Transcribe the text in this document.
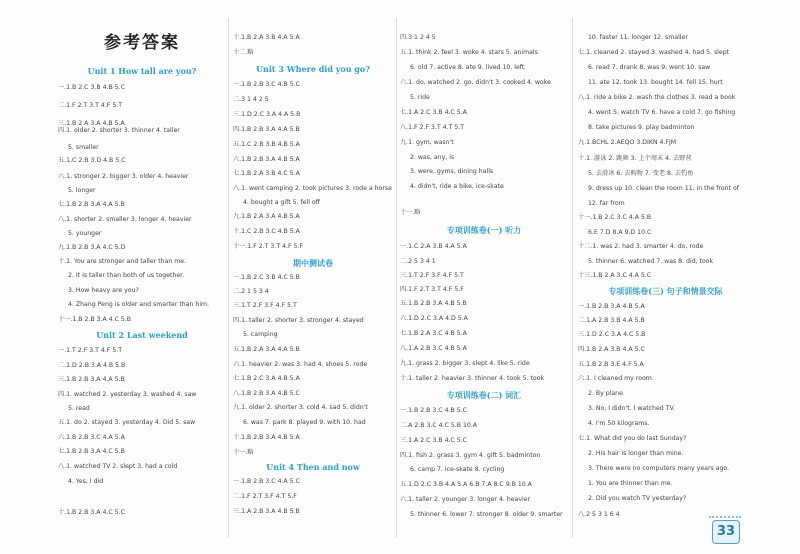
参考答案
Unit 1 How tall are you?
一.1.B 2.C 3.B 4.B 5.C
二.1.F 2.T 3.T 4.F 5.T
三.1.B 2.A 3.A 4.B 5.A
四.1. older 2. shorter 3. thinner 4. taller
5. smaller
五.1.C 2.B 3.D 4.B 5.C
六.1. stronger 2. bigger 3. older 4. heavier
5. longer
七.1.B 2.B 3.A 4.A 5.B
八.1. shorter 2. smaller 3. longer 4. heavier
5. younger
九.1.B 2.B 3.A 4.C 5.D
十.1. You are stronger and taller than me.
2. It is taller than both of us together.
3. How heavy are you?
4. Zhang Peng is older and smarter than him.
十一.1.B 2.B 3.A 4.C 5.B
Unit 2 Last weekend
一.1.T 2.F 3.T 4.F 5.T
二.1.D 2.B 3.A 4.B 5.B
三.1.B 2.B 3.A 4.A 5.B
四.1. watched 2. yesterday 3. washed 4. saw
5. read
五.1. do 2. stayed 3. yesterday 4. Did 5. saw
六.1.B 2.B 3.C 4.A 5.A
七.1.B 2.B 3.A 4.C 5.B
八.1. watched TV 2. slept 3. had a cold
4. Yes, I did
十.1.B 2.B 3.A 4.C 5.C
十.1.B 2.A 3.B 4.A 5.A
十二.略
Unit 3 Where did you go?
一.1.B 2.B 3.C 4.B 5.C
二.3 1 4 2 5
三.1.D 2.C 3.A 4.A 5.B
四.1.B 2.B 3.A 4.A 5.B
五.1.C 2.B 3.B 4.B 5.A
六.1.B 2.B 3.A 4.B 5.A
七.1.B 2.A 3.B 4.C 5.A
八.1. went camping 2. took pictures 3. rode a horse
4. bought a gift 5. fell off
九.1.B 2.A 3.A 4.B 5.A
十.1.C 2.B 3.C 4.B 5.A
十一.1.F 2.T 3.T 4.F 5.F
期中测试卷
一.1.B 2.C 3.B 4.C 5.B
二.2 1 5 3 4
三.1.T 2.F 3.F 4.F 5.T
四.1. taller 2. shorter 3. stronger 4. stayed
5. camping
五.1.B 2.A 3.A 4.A 5.B
六.1. heavier 2. was 3. had 4. shoes 5. rode
七.1.B 2.C 3.A 4.B 5.A
八.1.B 2.B 3.A 4.B 5.C
九.1. older 2. shorter 3. cold 4. sad 5. didn't
6. was 7. park 8. played 9. with 10. had
十.1.B 2.B 3.A 4.B 5.A
十一.略
Unit 4 Then and now
一.1.B 2.B 3.C 4.A 5.C
二.1.F 2.T 3.F 4.T 5.F
三.1.A 2.B 3.A 4.B 5.B
四.3 1 2 4 5
五.1. think 2. feel 3. woke 4. stars 5. animals
6. old 7. active 8. ate 9. lived 10. left
六.1. do, watched 2. go, didn't 3. cooked 4. woke
5. ride
七.1.A 2.C 3.B 4.C 5.A
八.1.F 2.F 3.T 4.T 5.T
九.1. gym, wasn't
2. was, any, is
3. were, gyms, dining halls
4. didn't, ride a bike, ice-skate
十一.略
专项训练卷(一) 听力
一.1.C 2.A 3.B 4.A 5.A
二.2 5 3 4 1
三.1.T 2.F 3.F 4.F 5.T
四.1.F 2.T 3.T 4.F 5.F
五.1.B 2.B 3.A 4.B 5.B
六.1.D 2.C 3.A 4.D 5.A
七.1.B 2.A 3.C 4.B 5.A
八.1.A 2.B 3.C 4.B 5.A
九.1. grass 2. bigger 3. slept 4. like 5. ride
十.1. taller 2. heavier 3. thinner 4. took 5. took
专项训练卷(二) 词汇
一.1.B 2.B 3.C 4.B 5.C
二.A 2.B 3.C 4.C 5.B 10.A
三.1.A 2.C 3.B 4.C 5.C
四.1. fish 2. grass 3. gym 4. gift 5. badminton
6. camp 7. ice-skate 8. cycling
五.1.D 2.C 3.B 4.A 5.A 6.B 7.A 8.C 9.B 10.A
六.1. taller 2. younger 3. longer 4. heavier
5. thinner 6. lower 7. stronger 8. older 9. smarter
10. faster 11. longer 12. smaller
七.1. cleaned 2. stayed 3. washed 4. had 5. slept
6. read 7. drank 8. was 9. went 10. saw
11. ate 12. took 13. bought 14. fell 15. hurt
八.1. ride a bike 2. wash the clothes 3. read a book
4. went 5. watch TV 6. have a cold 7. go fishing
8. take pictures 9. play badminton
九.1.BCHL 2.AEQO 3.DIKN 4.FJM
十.1. 游泳 2. 跳舞 3. 上个周末 4. 去野营
5. 去滑冰 6. 去购物 7. 变老 8. 去钓鱼
9. dress up 10. clean the room 11. in the front of
12. far from
十一.1.B 2.C 3.C 4.A 5.B
6.E 7.D 8.A 9.D 10.C
十二.1. was 2. had 3. smarter 4. do, rode
5. thinner 6. watched 7. was 8. did, took
十三.1.B 2.A 3.C 4.A 5.C
专项训练卷(三) 句子和情景交际
一.1.B 2.B 3.A 4.B 5.A
二.1.A 2.B 3.B 4.A 5.B
三.1.D 2.C 3.A 4.C 5.B
四.1.B 2.A 3.B 4.A 5.C
五.1.B 2.B 3.E 4.F 5.A
六.1. I cleaned my room.
2. By plane.
3. No, I didn't. I watched TV.
4. I'm 50 kilograms.
七.1. What did you do last Sunday?
2. His hair is longer than mine.
3. There were no computers many years ago.
1. You are thinner than me.
2. Did you watch TV yesterday?
八.2 5 3 1 6 4
33
